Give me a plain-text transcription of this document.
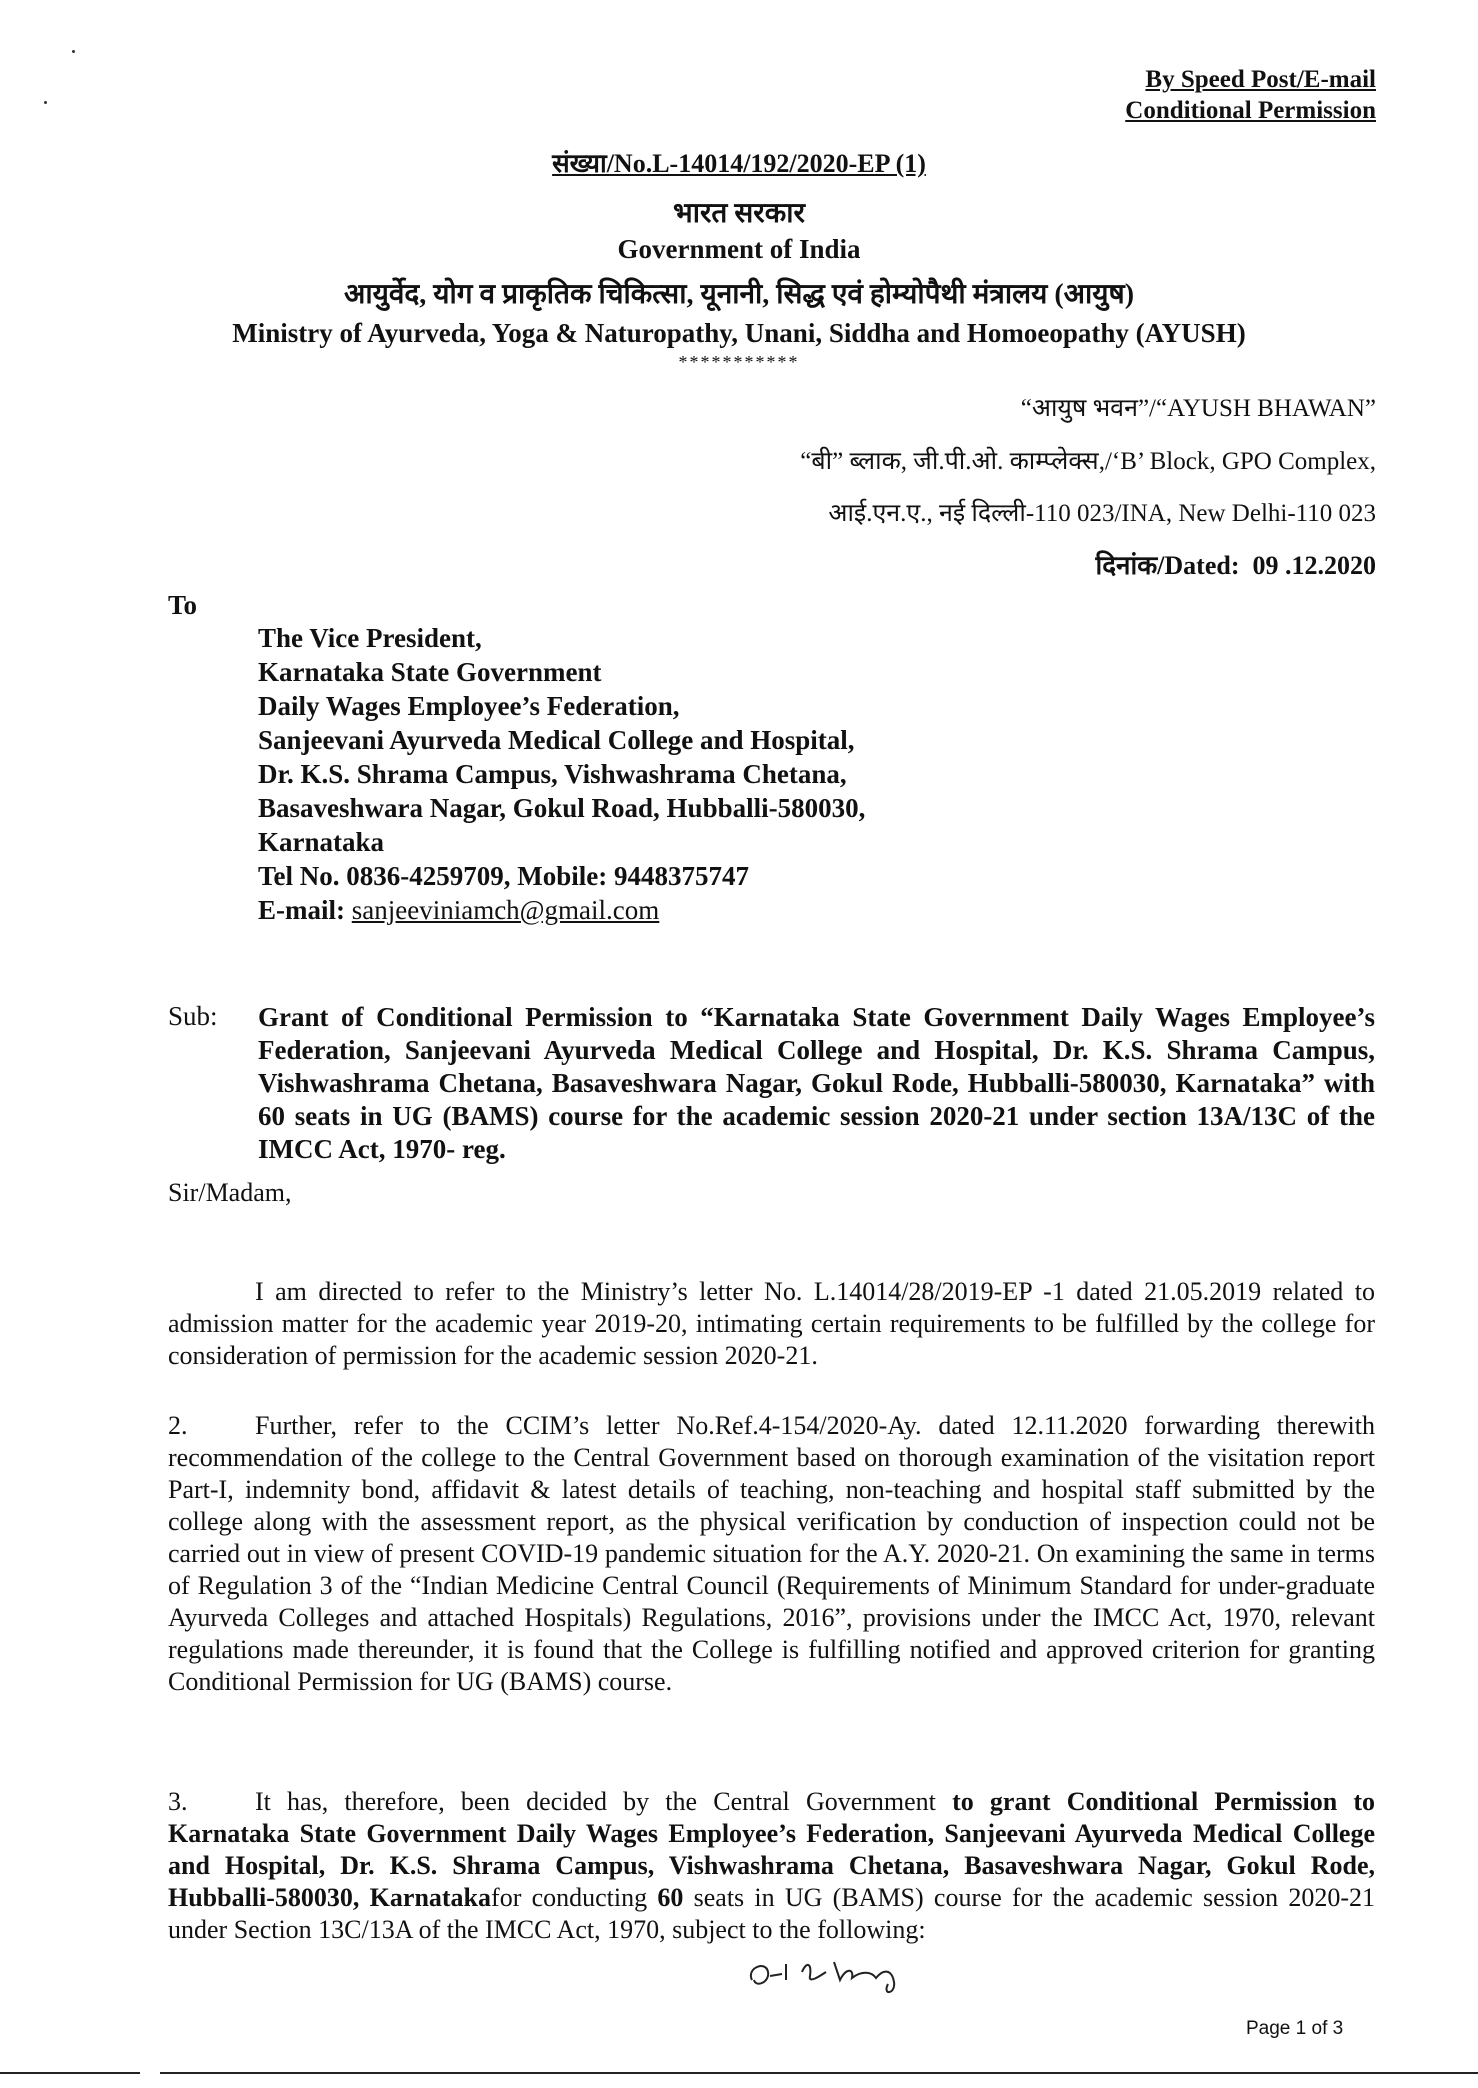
By Speed Post/E-mail
Conditional Permission
संख्या/No.L-14014/192/2020-EP (1)
भारत सरकार
Government of India
आयुर्वेद, योग व प्राकृतिक चिकित्सा, यूनानी, सिद्ध एवं होम्योपैथी मंत्रालय (आयुष)
Ministry of Ayurveda, Yoga & Naturopathy, Unani, Siddha and Homoeopathy (AYUSH)
***********
“आयुष भवन”/“AYUSH BHAWAN”
“बी” ब्लाक, जी.पी.ओ. काम्प्लेक्स,/‘B’ Block, GPO Complex,
आई.एन.ए., नई दिल्ली-110 023/INA, New Delhi-110 023
दिनांक/Dated: 09 .12.2020
To
The Vice President,
Karnataka State Government
Daily Wages Employee’s Federation,
Sanjeevani Ayurveda Medical College and Hospital,
Dr. K.S. Shrama Campus, Vishwashrama Chetana,
Basaveshwara Nagar, Gokul Road, Hubballi-580030,
Karnataka
Tel No. 0836-4259709, Mobile: 9448375747
E-mail: sanjeeviniamch@gmail.com
Sub: Grant of Conditional Permission to “Karnataka State Government Daily Wages Employee’s Federation, Sanjeevani Ayurveda Medical College and Hospital, Dr. K.S. Shrama Campus, Vishwashrama Chetana, Basaveshwara Nagar, Gokul Rode, Hubballi-580030, Karnataka” with 60 seats in UG (BAMS) course for the academic session 2020-21 under section 13A/13C of the IMCC Act, 1970- reg.
Sir/Madam,
I am directed to refer to the Ministry’s letter No. L.14014/28/2019-EP -1 dated 21.05.2019 related to admission matter for the academic year 2019-20, intimating certain requirements to be fulfilled by the college for consideration of permission for the academic session 2020-21.
2.	Further, refer to the CCIM’s letter No.Ref.4-154/2020-Ay. dated 12.11.2020 forwarding therewith recommendation of the college to the Central Government based on thorough examination of the visitation report Part-I, indemnity bond, affidavit & latest details of teaching, non-teaching and hospital staff submitted by the college along with the assessment report, as the physical verification by conduction of inspection could not be carried out in view of present COVID-19 pandemic situation for the A.Y. 2020-21. On examining the same in terms of Regulation 3 of the “Indian Medicine Central Council (Requirements of Minimum Standard for under-graduate Ayurveda Colleges and attached Hospitals) Regulations, 2016”, provisions under the IMCC Act, 1970, relevant regulations made thereunder, it is found that the College is fulfilling notified and approved criterion for granting Conditional Permission for UG (BAMS) course.
3.	It has, therefore, been decided by the Central Government to grant Conditional Permission to Karnataka State Government Daily Wages Employee’s Federation, Sanjeevani Ayurveda Medical College and Hospital, Dr. K.S. Shrama Campus, Vishwashrama Chetana, Basaveshwara Nagar, Gokul Rode, Hubballi-580030, Karnatakafor conducting 60 seats in UG (BAMS) course for the academic session 2020-21 under Section 13C/13A of the IMCC Act, 1970, subject to the following:
Page 1 of 3
